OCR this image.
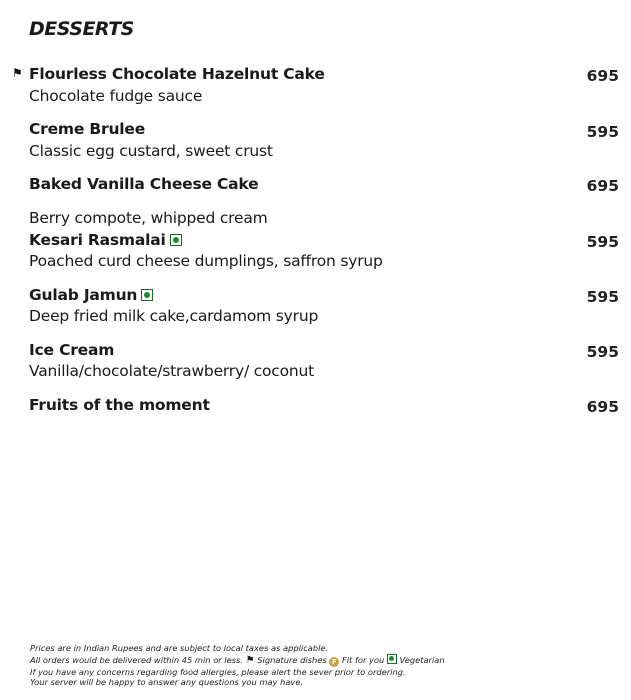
DESSERTS
⚑ Flourless Chocolate Hazelnut Cake	695
Chocolate fudge sauce
Creme Brulee	595
Classic egg custard, sweet crust
Baked Vanilla Cheese Cake	695
Berry compote, whipped cream
Kesari Rasmalai	595
Poached curd cheese dumplings, saffron syrup
Gulab Jamun	595
Deep fried milk cake,cardamom syrup
Ice Cream	595
Vanilla/chocolate/strawberry/ coconut
Fruits of the moment	695
Prices are in Indian Rupees and are subject to local taxes as applicable.
All orders would be delivered within 45 min or less. ⚑ Signature dishes F Fit for you Vegetarian
If you have any concerns regarding food allergies, please alert the sever prior to ordering.
Your server will be happy to answer any questions you may have.
